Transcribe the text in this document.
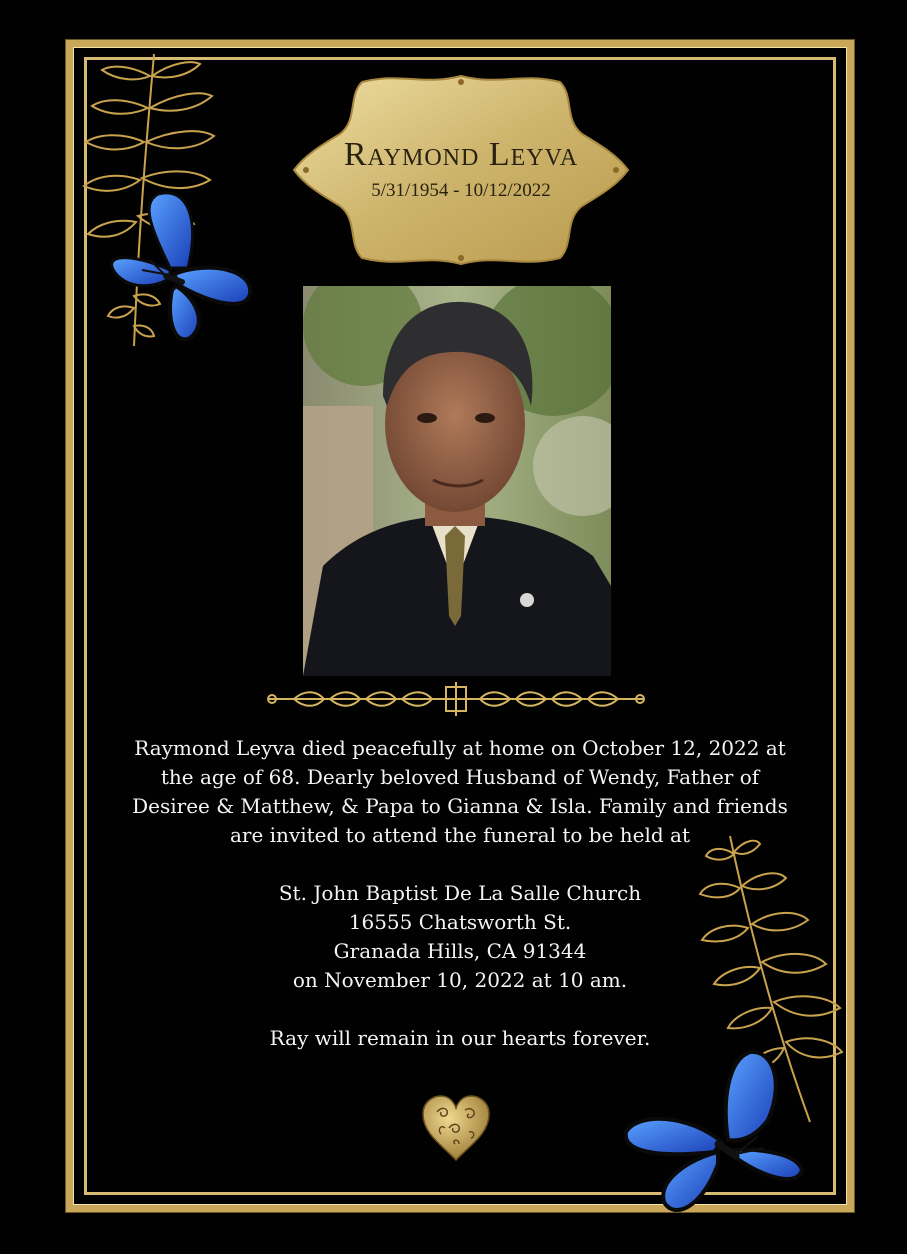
Raymond Leyva
5/31/1954 - 10/12/2022

Raymond Leyva died peacefully at home on October 12, 2022 at the age of 68. Dearly beloved Husband of Wendy, Father of Desiree & Matthew, & Papa to Gianna & Isla. Family and friends are invited to attend the funeral to be held at

St. John Baptist De La Salle Church

16555 Chatsworth St.

Granada Hills, CA 91344

on November 10, 2022 at 10 am.

Ray will remain in our hearts forever.
